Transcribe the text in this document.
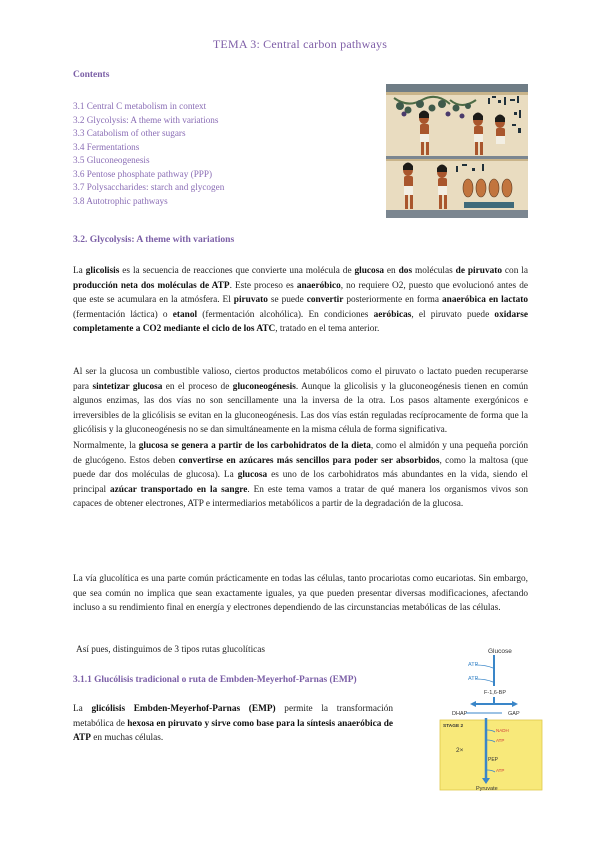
TEMA 3: Central carbon pathways
Contents
3.1 Central C metabolism in context
3.2 Glycolysis: A theme with variations
3.3 Catabolism of other sugars
3.4 Fermentations
3.5 Gluconeogenesis
3.6 Pentose phosphate pathway (PPP)
3.7 Polysaccharides: starch and glycogen
3.8 Autotrophic pathways
3.2. Glycolysis: A theme with variations

La glicolisis es la secuencia de reacciones que convierte una molécula de glucosa en dos moléculas de piruvato con la producción neta dos moléculas de ATP. Este proceso es anaeróbico, no requiere O2, puesto que evolucionó antes de que este se acumulara en la atmósfera. El piruvato se puede convertir posteriormente en forma anaeróbica en lactato (fermentación láctica) o etanol (fermentación alcohólica). En condiciones aeróbicas, el piruvato puede oxidarse completamente a CO2 mediante el ciclo de los ATC, tratado en el tema anterior.

Al ser la glucosa un combustible valioso, ciertos productos metabólicos como el piruvato o lactato pueden recuperarse para sintetizar glucosa en el proceso de gluconeogénesis. Aunque la glicolisis y la gluconeogénesis tienen en común algunos enzimas, las dos vías no son sencillamente una la inversa de la otra. Los pasos altamente exergónicos e irreversibles de la glicólisis se evitan en la gluconeogénesis. Las dos vías están reguladas recíprocamente de forma que la glicólisis y la gluconeogénesis no se dan simultáneamente en la misma célula de forma significativa.

Normalmente, la glucosa se genera a partir de los carbohidratos de la dieta, como el almidón y una pequeña porción de glucógeno. Estos deben convertirse en azúcares más sencillos para poder ser absorbidos, como la maltosa (que puede dar dos moléculas de glucosa). La glucosa es uno de los carbohidratos más abundantes en la vida, siendo el principal azúcar transportado en la sangre. En este tema vamos a tratar de qué manera los organismos vivos son capaces de obtener electrones, ATP e intermediarios metabólicos a partir de la degradación de la glucosa.

La vía glucolítica es una parte común prácticamente en todas las células, tanto procariotas como eucariotas. Sin embargo, que sea común no implica que sean exactamente iguales, ya que pueden presentar diversas modificaciones, afectando incluso a su rendimiento final en energía y electrones dependiendo de las circunstancias metabólicas de las células.

Así pues, distinguimos de 3 tipos rutas glucolíticas

3.1.1 Glucólisis tradicional o ruta de Embden-Meyerhof-Parnas (EMP)

La glicólisis Embden-Meyerhof-Parnas (EMP) permite la transformación metabólica de hexosa en piruvato y sirve como base para la síntesis anaeróbica de ATP en muchas células.

Glucose
ATP
ATP
F-1,6-BP
DHAP	GAP
STAGE 2
NADH
ATP
2×
PEP
ATP
Pyruvate
